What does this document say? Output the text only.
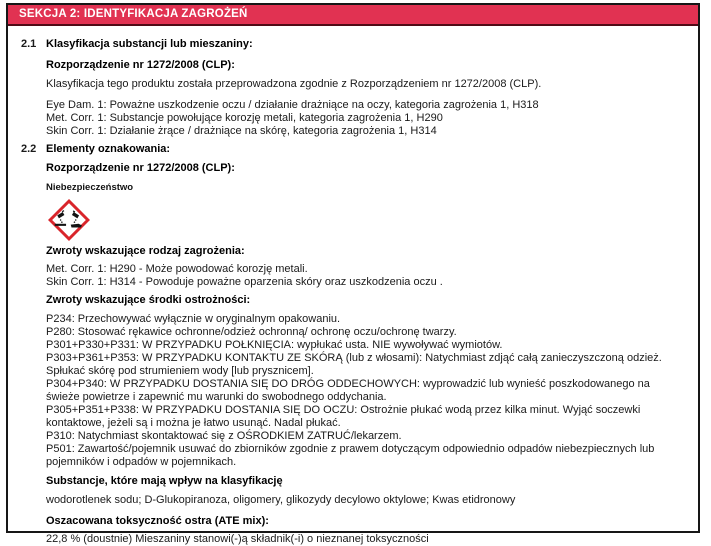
SEKCJA 2: IDENTYFIKACJA ZAGROŻEŃ
2.1 Klasyfikacja substancji lub mieszaniny:
Rozporządzenie nr 1272/2008 (CLP):
Klasyfikacja tego produktu została przeprowadzona zgodnie z Rozporządzeniem nr 1272/2008 (CLP).
Eye Dam. 1: Poważne uszkodzenie oczu / działanie drażniące na oczy, kategoria zagrożenia 1, H318
Met. Corr. 1: Substancje powołujące korozję metali, kategoria zagrożenia 1, H290
Skin Corr. 1: Działanie żrące / drażniące na skórę, kategoria zagrożenia 1, H314
2.2 Elementy oznakowania:
Rozporządzenie nr 1272/2008 (CLP):
Niebezpieczeństwo
Zwroty wskazujące rodzaj zagrożenia:
Met. Corr. 1: H290 - Może powodować korozję metali.
Skin Corr. 1: H314 - Powoduje poważne oparzenia skóry oraz uszkodzenia oczu .
Zwroty wskazujące środki ostrożności:
P234: Przechowywać wyłącznie w oryginalnym opakowaniu.
P280: Stosować rękawice ochronne/odzież ochronną/ ochronę oczu/ochronę twarzy.
P301+P330+P331: W PRZYPADKU POŁKNIĘCIA: wypłukać usta. NIE wywoływać wymiotów.
P303+P361+P353: W PRZYPADKU KONTAKTU ZE SKÓRĄ (lub z włosami): Natychmiast zdjąć całą zanieczyszczoną odzież. Spłukać skórę pod strumieniem wody [lub prysznicem].
P304+P340: W PRZYPADKU DOSTANIA SIĘ DO DRÓG ODDECHOWYCH: wyprowadzić lub wynieść poszkodowanego na świeże powietrze i zapewnić mu warunki do swobodnego oddychania.
P305+P351+P338: W PRZYPADKU DOSTANIA SIĘ DO OCZU: Ostrożnie płukać wodą przez kilka minut. Wyjąć soczewki kontaktowe, jeżeli są i można je łatwo usunąć. Nadal płukać.
P310: Natychmiast skontaktować się z OŚRODKIEM ZATRUĆ/lekarzem.
P501: Zawartość/pojemnik usuwać do zbiorników zgodnie z prawem dotyczącym odpowiednio odpadów niebezpiecznych lub pojemników i odpadów w pojemnikach.
Substancje, które mają wpływ na klasyfikację
wodorotlenek sodu; D-Glukopiranoza, oligomery, glikozydy decylowo oktylowe; Kwas etidronowy
Oszacowana toksyczność ostra (ATE mix):
22,8 % (doustnie) Mieszaniny stanowi(-)ą składnik(-i) o nieznanej toksyczności
